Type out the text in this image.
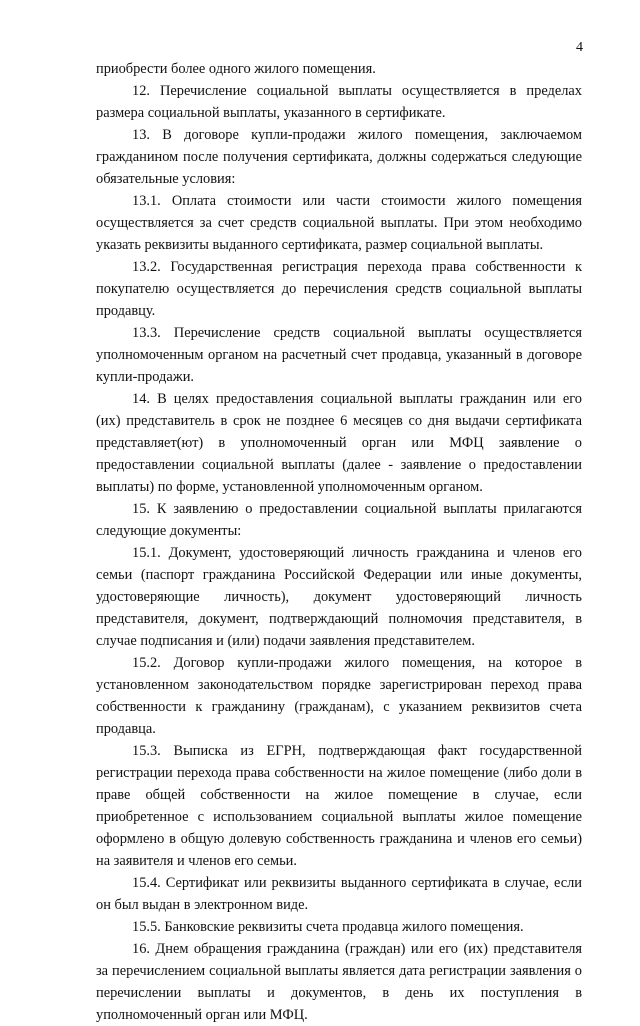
4

приобрести более одного жилого помещения.

12. Перечисление социальной выплаты осуществляется в пределах размера социальной выплаты, указанного в сертификате.

13. В договоре купли-продажи жилого помещения, заключаемом гражданином после получения сертификата, должны содержаться следующие обязательные условия:

13.1. Оплата стоимости или части стоимости жилого помещения осуществляется за счет средств социальной выплаты. При этом необходимо указать реквизиты выданного сертификата, размер социальной выплаты.

13.2. Государственная регистрация перехода права собственности к покупателю осуществляется до перечисления средств социальной выплаты продавцу.

13.3. Перечисление средств социальной выплаты осуществляется уполномоченным органом на расчетный счет продавца, указанный в договоре купли-продажи.

14. В целях предоставления социальной выплаты гражданин или его (их) представитель в срок не позднее 6 месяцев со дня выдачи сертификата представляет(ют) в уполномоченный орган или МФЦ заявление о предоставлении социальной выплаты (далее - заявление о предоставлении выплаты) по форме, установленной уполномоченным органом.

15. К заявлению о предоставлении социальной выплаты прилагаются следующие документы:

15.1. Документ, удостоверяющий личность гражданина и членов его семьи (паспорт гражданина Российской Федерации или иные документы, удостоверяющие личность), документ удостоверяющий личность представителя, документ, подтверждающий полномочия представителя, в случае подписания и (или) подачи заявления представителем.

15.2. Договор купли-продажи жилого помещения, на которое в установленном законодательством порядке зарегистрирован переход права собственности к гражданину (гражданам), с указанием реквизитов счета продавца.

15.3. Выписка из ЕГРН, подтверждающая факт государственной регистрации перехода права собственности на жилое помещение (либо доли в праве общей собственности на жилое помещение в случае, если приобретенное с использованием социальной выплаты жилое помещение оформлено в общую долевую собственность гражданина и членов его семьи) на заявителя и членов его семьи.

15.4. Сертификат или реквизиты выданного сертификата в случае, если он был выдан в электронном виде.

15.5. Банковские реквизиты счета продавца жилого помещения.

16. Днем обращения гражданина (граждан) или его (их) представителя за перечислением социальной выплаты является дата регистрации заявления о перечислении выплаты и документов, в день их поступления в уполномоченный орган или МФЦ.
